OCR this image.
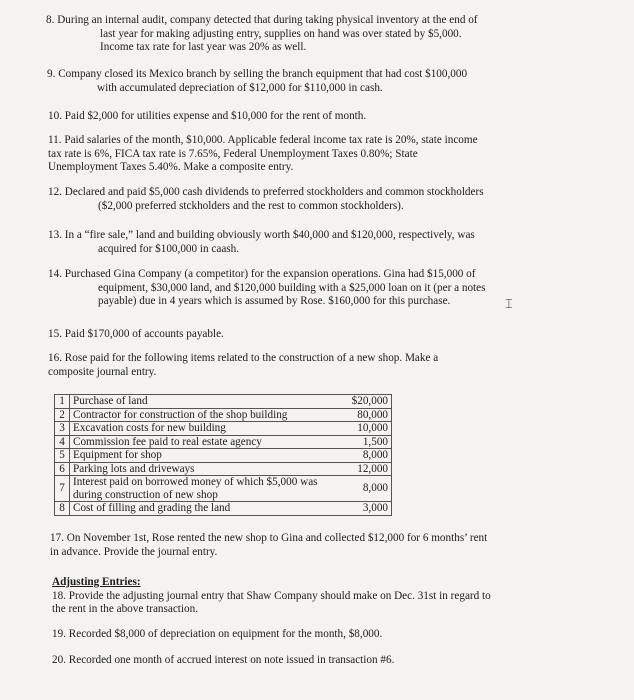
8. During an internal audit, company detected that during taking physical inventory at the end of

last year for making adjusting entry, supplies on hand was over stated by $5,000.

Income tax rate for last year was 20% as well.

9. Company closed its Mexico branch by selling the branch equipment that had cost $100,000

with accumulated depreciation of $12,000 for $110,000 in cash.

10. Paid $2,000 for utilities expense and $10,000 for the rent of month.

11. Paid salaries of the month, $10,000. Applicable federal income tax rate is 20%, state income

tax rate is 6%, FICA tax rate is 7.65%, Federal Unemployment Taxes 0.80%; State

Unemployment Taxes 5.40%. Make a composite entry.

12. Declared and paid $5,000 cash dividends to preferred stockholders and common stockholders

($2,000 preferred stckholders and the rest to common stockholders).

13. In a “fire sale,” land and building obviously worth $40,000 and $120,000, respectively, was

acquired for $100,000 in caash.

14. Purchased Gina Company (a competitor) for the expansion operations. Gina had $15,000 of

equipment, $30,000 land, and $120,000 building with a $25,000 loan on it (per a notes

payable) due in 4 years which is assumed by Rose. $160,000 for this purchase.	⌶

15. Paid $170,000 of accounts payable.

16. Rose paid for the following items related to the construction of a new shop. Make a

composite journal entry.

1	Purchase of land	$20,000
2	Contractor for construction of the shop building	80,000
3	Excavation costs for new building	10,000
4	Commission fee paid to real estate agency	1,500
5	Equipment for shop	8,000
6	Parking lots and driveways	12,000
7	Interest paid on borrowed money of which $5,000 was during construction of new shop	8,000
8	Cost of filling and grading the land	3,000

17. On November 1st, Rose rented the new shop to Gina and collected $12,000 for 6 months’ rent

in advance. Provide the journal entry.

Adjusting Entries:

18. Provide the adjusting journal entry that Shaw Company should make on Dec. 31st in regard to

the rent in the above transaction.

19. Recorded $8,000 of depreciation on equipment for the month, $8,000.

20. Recorded one month of accrued interest on note issued in transaction #6.
